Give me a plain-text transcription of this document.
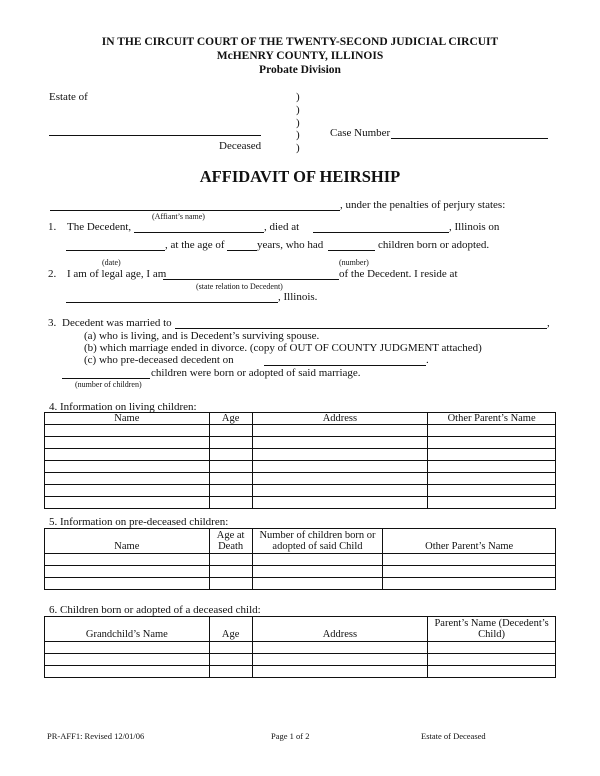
IN THE CIRCUIT COURT OF THE TWENTY-SECOND JUDICIAL CIRCUIT
McHENRY COUNTY, ILLINOIS
Probate Division
Estate of
Deceased
)
)
)
)
)
Case Number
AFFIDAVIT OF HEIRSHIP
, under the penalties of perjury states:
(Affiant’s name)
1. The Decedent,	, died at	, Illinois on
, at the age of	years, who had	children born or adopted.
(date)	(number)
2. I am of legal age, I am	of the Decedent. I reside at
(state relation to Decedent)
, Illinois.
3. Decedent was married to	,
(a) who is living, and is Decedent’s surviving spouse.
(b) which marriage ended in divorce. (copy of OUT OF COUNTY JUDGMENT attached)
(c) who pre-deceased decedent on	.
children were born or adopted of said marriage.
(number of children)
4. Information on living children:
Name	Age	Address	Other Parent’s Name

5. Information on pre-deceased children:
Name	Age at Death	Number of children born or adopted of said Child	Other Parent’s Name

6. Children born or adopted of a deceased child:
Grandchild’s Name	Age	Address	Parent’s Name (Decedent’s Child)

PR-AFF1: Revised 12/01/06	Page 1 of 2	Estate of Deceased
